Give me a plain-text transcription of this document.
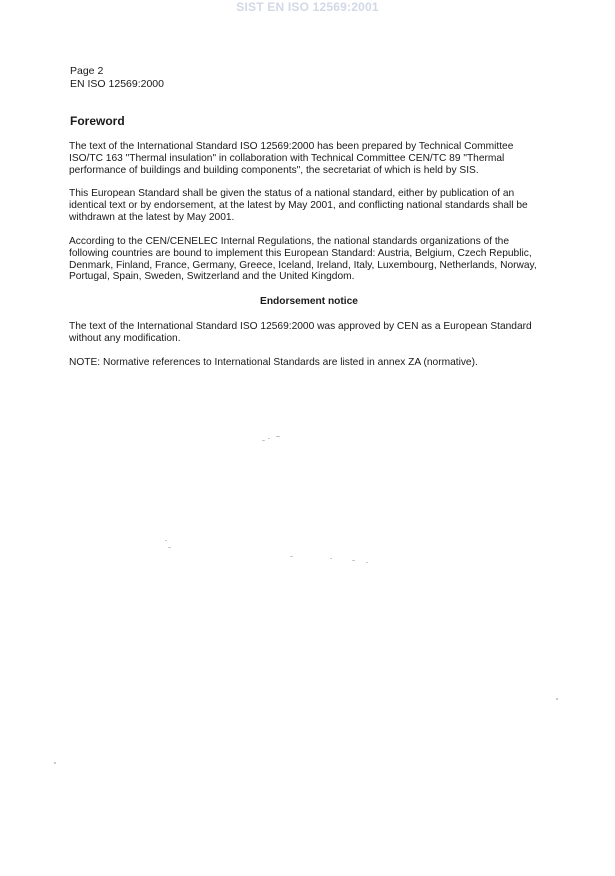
SIST EN ISO 12569:2001
Page 2
EN ISO 12569:2000
Foreword

The text of the International Standard ISO 12569:2000 has been prepared by Technical Committee ISO/TC 163 "Thermal insulation" in collaboration with Technical Committee CEN/TC 89 "Thermal performance of buildings and building components", the secretariat of which is held by SIS.

This European Standard shall be given the status of a national standard, either by publication of an identical text or by endorsement, at the latest by May 2001, and conflicting national standards shall be withdrawn at the latest by May 2001.

According to the CEN/CENELEC Internal Regulations, the national standards organizations of the following countries are bound to implement this European Standard: Austria, Belgium, Czech Republic, Denmark, Finland, France, Germany, Greece, Iceland, Ireland, Italy, Luxembourg, Netherlands, Norway, Portugal, Spain, Sweden, Switzerland and the United Kingdom.

Endorsement notice

The text of the International Standard ISO 12569:2000 was approved by CEN as a European Standard without any modification.

NOTE: Normative references to International Standards are listed in annex ZA (normative).
